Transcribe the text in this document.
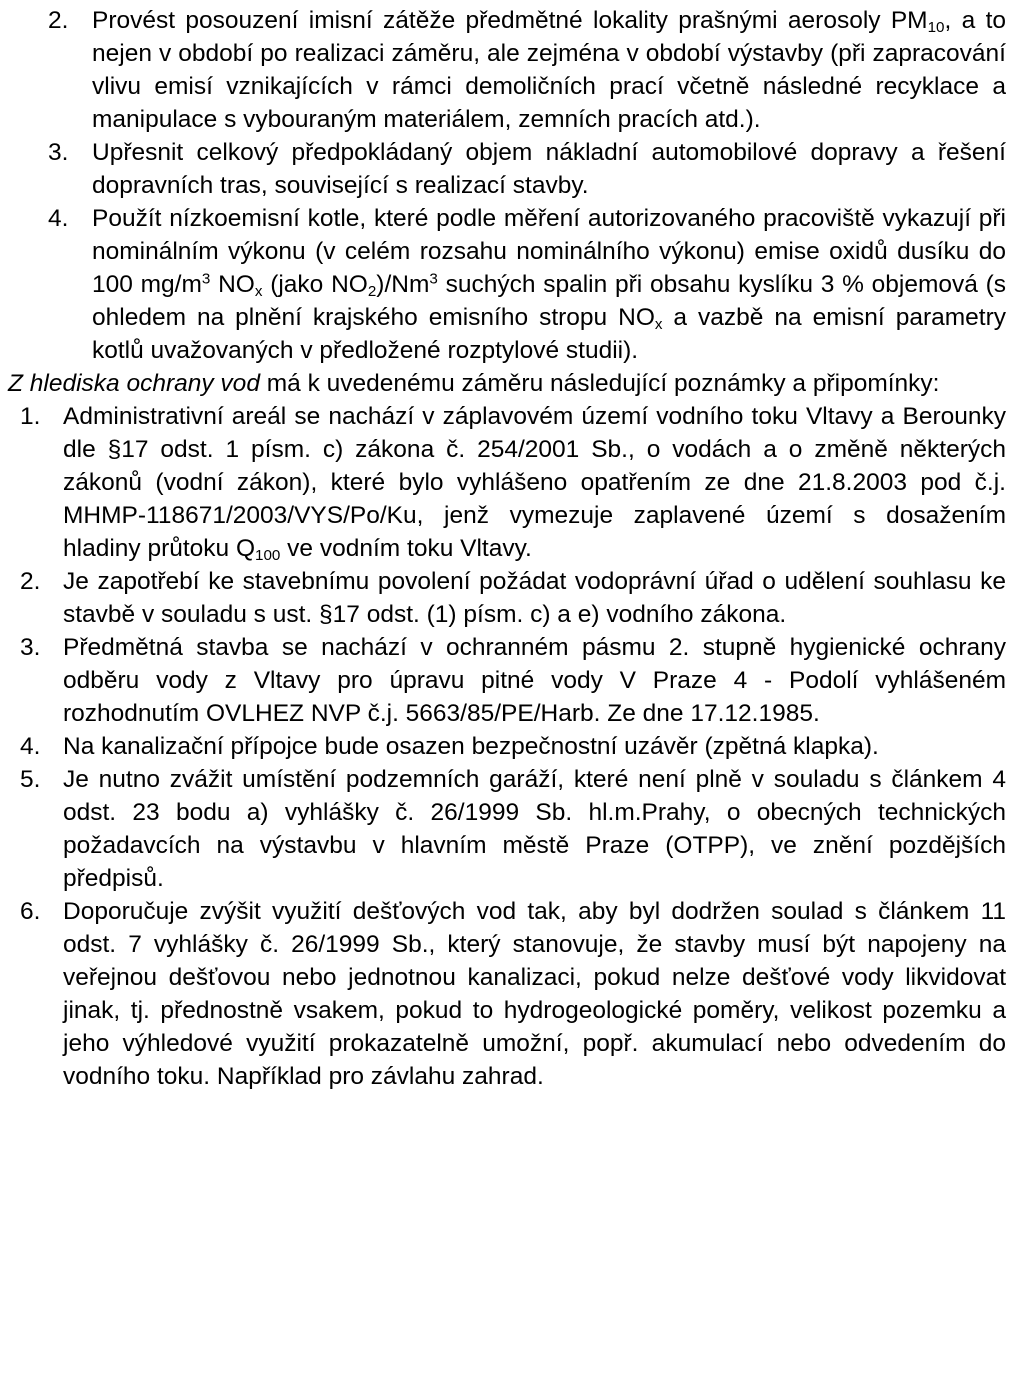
2. Provést posouzení imisní zátěže předmětné lokality prašnými aerosoly $PM_{10}$, a to nejen v období po realizaci záměru, ale zejména v období výstavby (při zapracování vlivu emisí vznikajících v rámci demoličních prací včetně následné recyklace a manipulace s vybouraným materiálem, zemních pracích atd.).

3. Upřesnit celkový předpokládaný objem nákladní automobilové dopravy a řešení dopravních tras, související s realizací stavby.

4. Použít nízkoemisní kotle, které podle měření autorizovaného pracoviště vykazují při nominálním výkonu (v celém rozsahu nominálního výkonu) emise oxidů dusíku do 100 $mg/m^3$ $NO_x$ (jako $NO_2)/Nm^3$ suchých spalin při obsahu kyslíku 3 % objemová (s ohledem na plnění krajského emisního stropu $NO_x$ a vazbě na emisní parametry kotlů uvažovaných v předložené rozptylové studii).

Z hlediska ochrany vod má k uvedenému záměru následující poznámky a připomínky:

1. Administrativní areál se nachází v záplavovém území vodního toku Vltavy a Berounky dle §17 odst. 1 písm. c) zákona č. 254/2001 Sb., o vodách a o změně některých zákonů (vodní zákon), které bylo vyhlášeno opatřením ze dne 21.8.2003 pod č.j. MHMP-118671/2003/VYS/Po/Ku, jenž vymezuje zaplavené území s dosažením hladiny průtoku $Q_{100}$ ve vodním toku Vltavy.

2. Je zapotřebí ke stavebnímu povolení požádat vodoprávní úřad o udělení souhlasu ke stavbě v souladu s ust. §17 odst. (1) písm. c) a e) vodního zákona.

3. Předmětná stavba se nachází v ochranném pásmu 2. stupně hygienické ochrany odběru vody z Vltavy pro úpravu pitné vody V Praze 4 - Podolí vyhlášeném rozhodnutím OVLHEZ NVP č.j. 5663/85/PE/Harb. Ze dne 17.12.1985.

4. Na kanalizační přípojce bude osazen bezpečnostní uzávěr (zpětná klapka).

5. Je nutno zvážit umístění podzemních garáží, které není plně v souladu s článkem 4 odst. 23 bodu a) vyhlášky č. 26/1999 Sb. hl.m.Prahy, o obecných technických požadavcích na výstavbu v hlavním městě Praze (OTPP), ve znění pozdějších předpisů.

6. Doporučuje zvýšit využití dešťových vod tak, aby byl dodržen soulad s článkem 11 odst. 7 vyhlášky č. 26/1999 Sb., který stanovuje, že stavby musí být napojeny na veřejnou dešťovou nebo jednotnou kanalizaci, pokud nelze dešťové vody likvidovat jinak, tj. přednostně vsakem, pokud to hydrogeologické poměry, velikost pozemku a jeho výhledové využití prokazatelně umožní, popř. akumulací nebo odvedením do vodního toku. Například pro závlahu zahrad.
